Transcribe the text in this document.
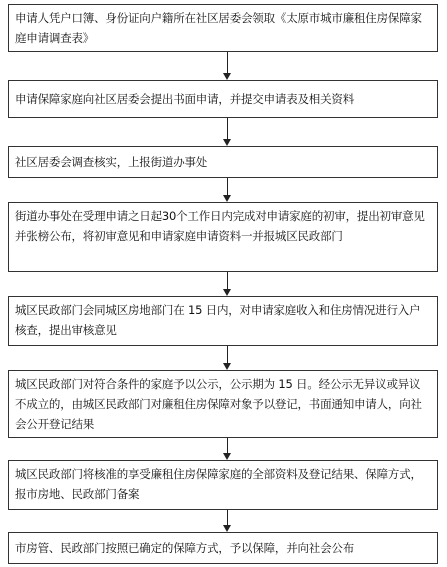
申请人凭户口簿、身份证向户籍所在社区居委会领取《太原市城市廉租住房保障家庭申请调查表》
申请保障家庭向社区居委会提出书面申请，并提交申请表及相关资料
社区居委会调查核实，上报街道办事处
街道办事处在受理申请之日起30个工作日内完成对申请家庭的初审，提出初审意见并张榜公布，将初审意见和申请家庭申请资料一并报城区民政部门
城区民政部门会同城区房地部门在 15 日内，对申请家庭收入和住房情况进行入户核查，提出审核意见
城区民政部门对符合条件的家庭予以公示，公示期为 15 日。经公示无异议或异议不成立的，由城区民政部门对廉租住房保障对象予以登记，书面通知申请人，向社会公开登记结果
城区民政部门将核准的享受廉租住房保障家庭的全部资料及登记结果、保障方式，报市房地、民政部门备案
市房管、民政部门按照已确定的保障方式，予以保障，并向社会公布
